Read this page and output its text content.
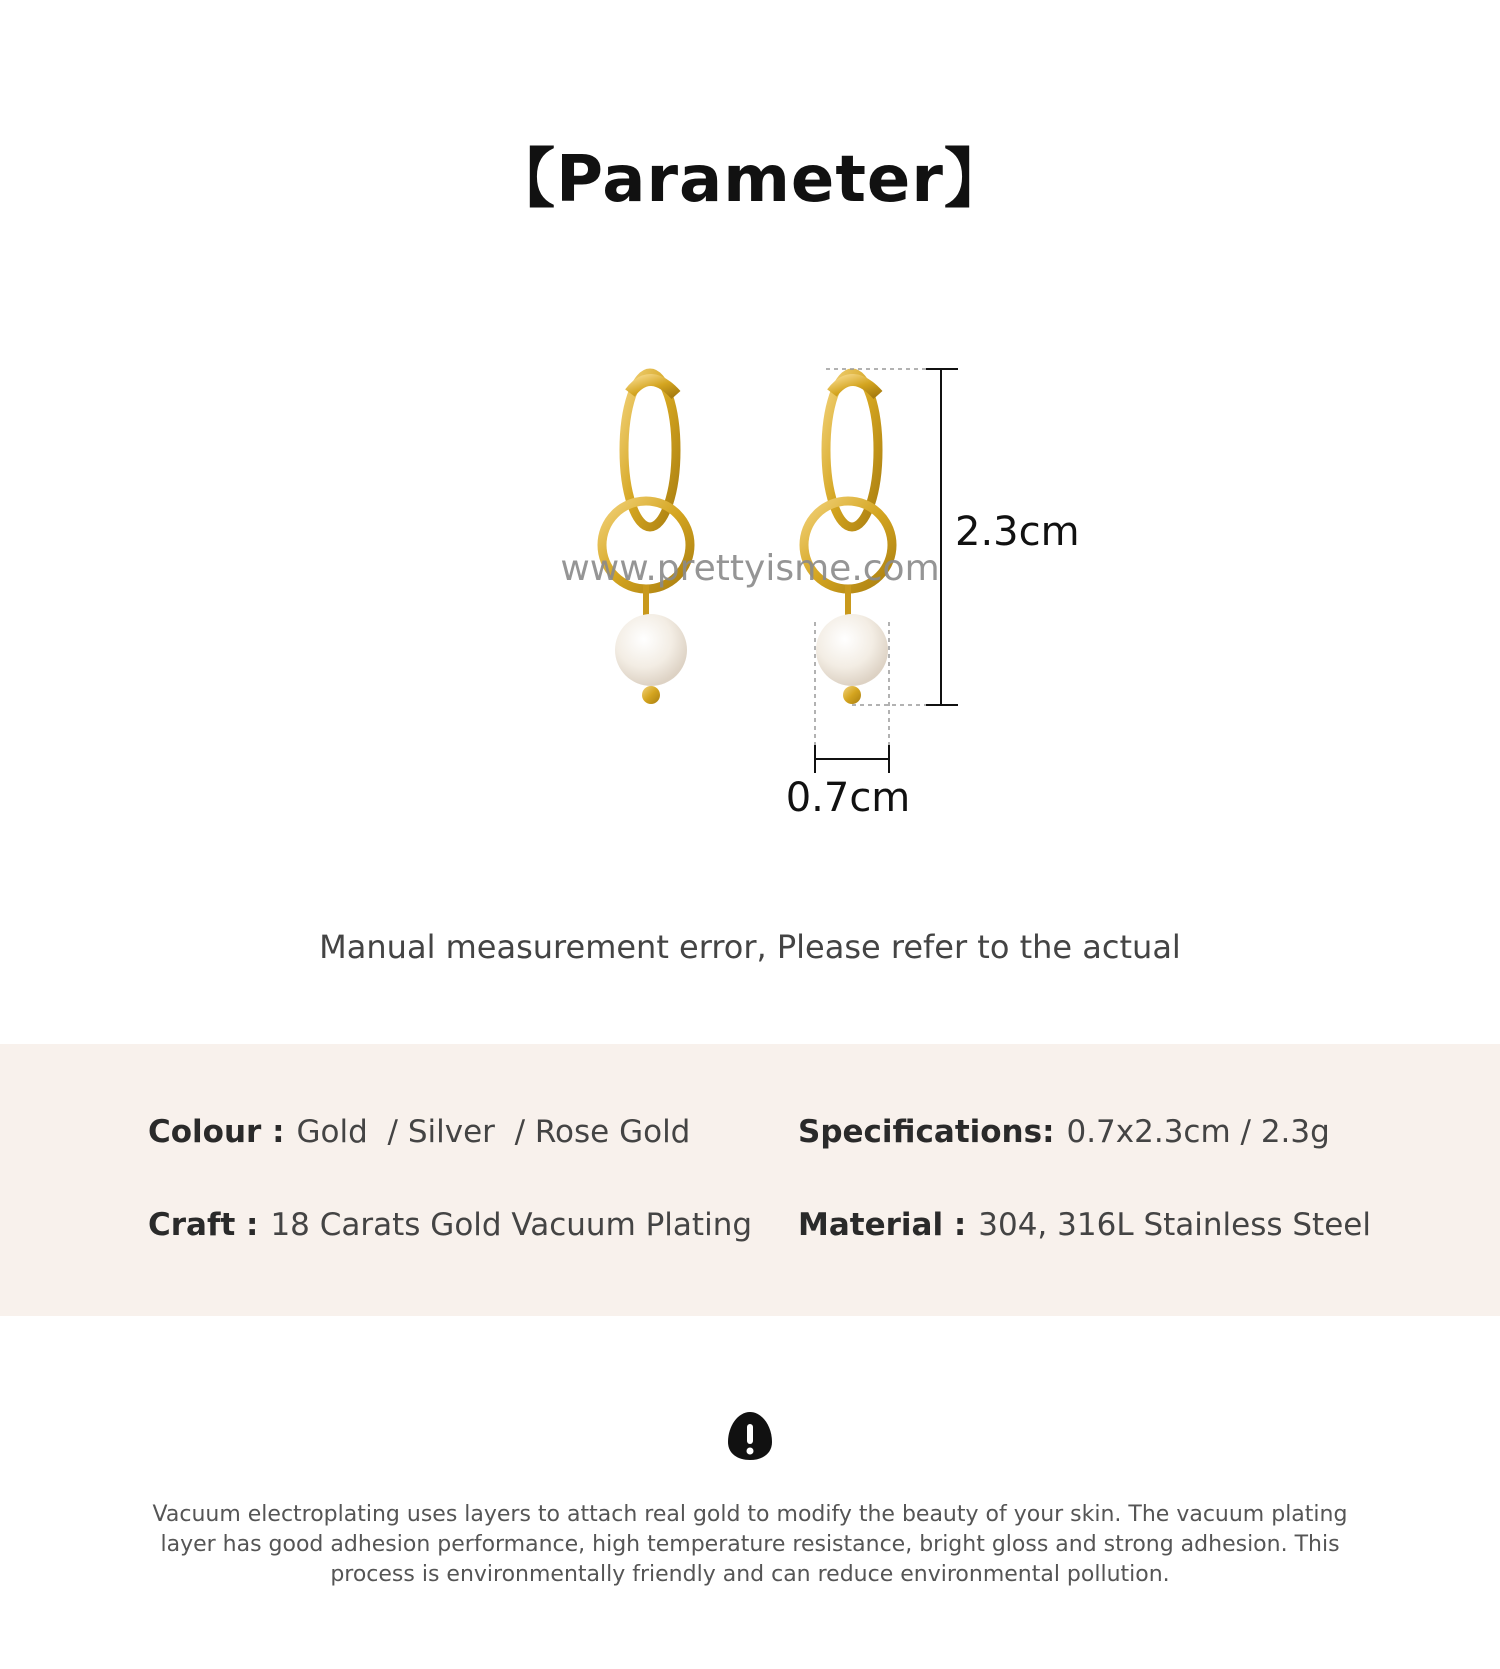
【Parameter】
2.3cm
0.7cm
www.prettyisme.com
Manual measurement error, Please refer to the actual
Colour : Gold  / Silver  / Rose Gold	Specifications: 0.7x2.3cm / 2.3g
Craft : 18 Carats Gold Vacuum Plating Material : 304, 316L Stainless Steel
Vacuum electroplating uses layers to attach real gold to modify the beauty of your skin. The vacuum plating layer has good adhesion performance, high temperature resistance, bright gloss and strong adhesion. This process is environmentally friendly and can reduce environmental pollution.
